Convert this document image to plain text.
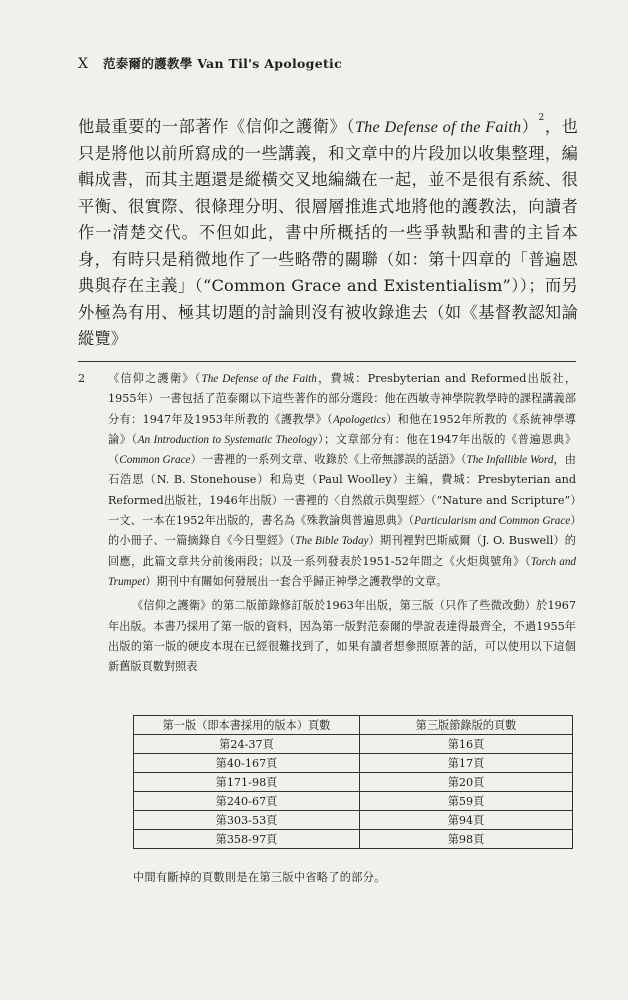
X 范泰爾的護教學 Van Til's Apologetic
他最重要的一部著作《信仰之護衛》（The Defense of the Faith）$^2$，也只是將他以前所寫成的一些講義，和文章中的片段加以收集整理，編輯成書，而其主題還是縱橫交叉地編織在一起，並不是很有系統、很平衡、很實際、很條理分明、很層層推進式地將他的護教法，向讀者作一清楚交代。不但如此，書中所概括的一些爭執點和書的主旨本身，有時只是稍微地作了一些略帶的關聯（如：第十四章的「普遍恩典與存在主義」（“Common Grace and Existentialism”））；而另外極為有用、極其切題的討論則沒有被收錄進去（如《基督教認知論縱覽》
2 《信仰之護衛》（The Defense of the Faith，費城：Presbyterian and Reformed出版社，1955年）一書包括了范泰爾以下這些著作的部分選段：他在西敏寺神學院教學時的課程講義部分有：1947年及1953年所教的《護教學》（Apologetics）和他在1952年所教的《系統神學導論》（An Introduction to Systematic Theology）；文章部分有：他在1947年出版的《普遍恩典》（Common Grace）一書裡的一系列文章、收錄於《上帝無謬誤的話語》（The Infallible Word，由石浩思（N. B. Stonehouse）和烏吏（Paul Woolley）主編，費城：Presbyterian and Reformed出版社，1946年出版）一書裡的〈自然啟示與聖經〉（“Nature and Scripture”）一文、一本在1952年出版的，書名為《殊教論與普遍恩典》（Particularism and Common Grace）的小冊子、一篇摘錄自《今日聖經》（The Bible Today）期刊裡對巴斯威爾（J. O. Buswell）的回應，此篇文章共分前後兩段；以及一系列發表於1951-52年間之《火炬與號角》（Torch and Trumpet）期刊中有關如何發展出一套合乎歸正神學之護教學的文章。
《信仰之護衛》的第二版節錄修訂版於1963年出版，第三版（只作了些微改動）於1967年出版。本書乃採用了第一版的資料，因為第一版對范泰爾的學說表達得最齊全，不過1955年出版的第一版的硬皮本現在已經很難找到了，如果有讀者想參照原著的話，可以使用以下這個新舊版頁數對照表
第一版（即本書採用的版本）頁數	第三版節錄版的頁數
第24-37頁	第16頁
第40-167頁	第17頁
第171-98頁	第20頁
第240-67頁	第59頁
第303-53頁	第94頁
第358-97頁	第98頁
中間有斷掉的頁數則是在第三版中省略了的部分。
